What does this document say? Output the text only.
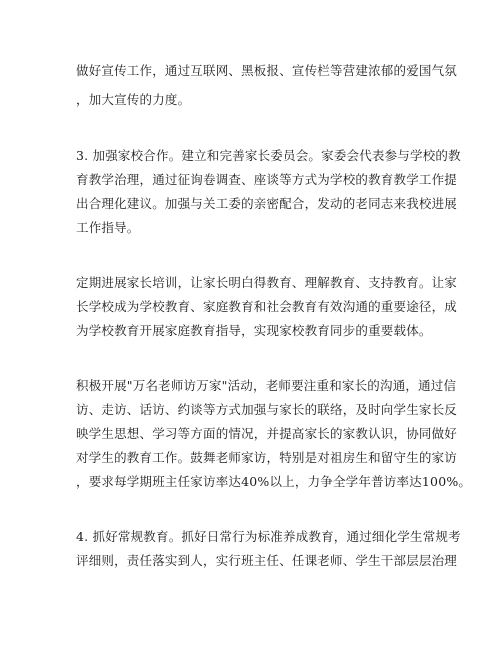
做好宣传工作，通过互联网、黑板报、宣传栏等营建浓郁的爱国气氛
，加大宣传的力度。
3. 加强家校合作。建立和完善家长委员会。家委会代表参与学校的教
育教学治理，通过征询卷调查、座谈等方式为学校的教育教学工作提
出合理化建议。加强与关工委的亲密配合，发动的老同志来我校进展
工作指导。
定期进展家长培训，让家长明白得教育、理解教育、支持教育。让家
长学校成为学校教育、家庭教育和社会教育有效沟通的重要途径，成
为学校教育开展家庭教育指导，实现家校教育同步的重要载体。
积极开展"万名老师访万家"活动，老师要注重和家长的沟通，通过信
访、走访、话访、约谈等方式加强与家长的联络，及时向学生家长反
映学生思想、学习等方面的情况，并提高家长的家教认识，协同做好
对学生的教育工作。鼓舞老师家访，特别是对祖房生和留守生的家访
，要求每学期班主任家访率达40%以上，力争全学年普访率达100%。
4. 抓好常规教育。抓好日常行为标准养成教育，通过细化学生常规考
评细则，责任落实到人，实行班主任、任课老师、学生干部层层治理
